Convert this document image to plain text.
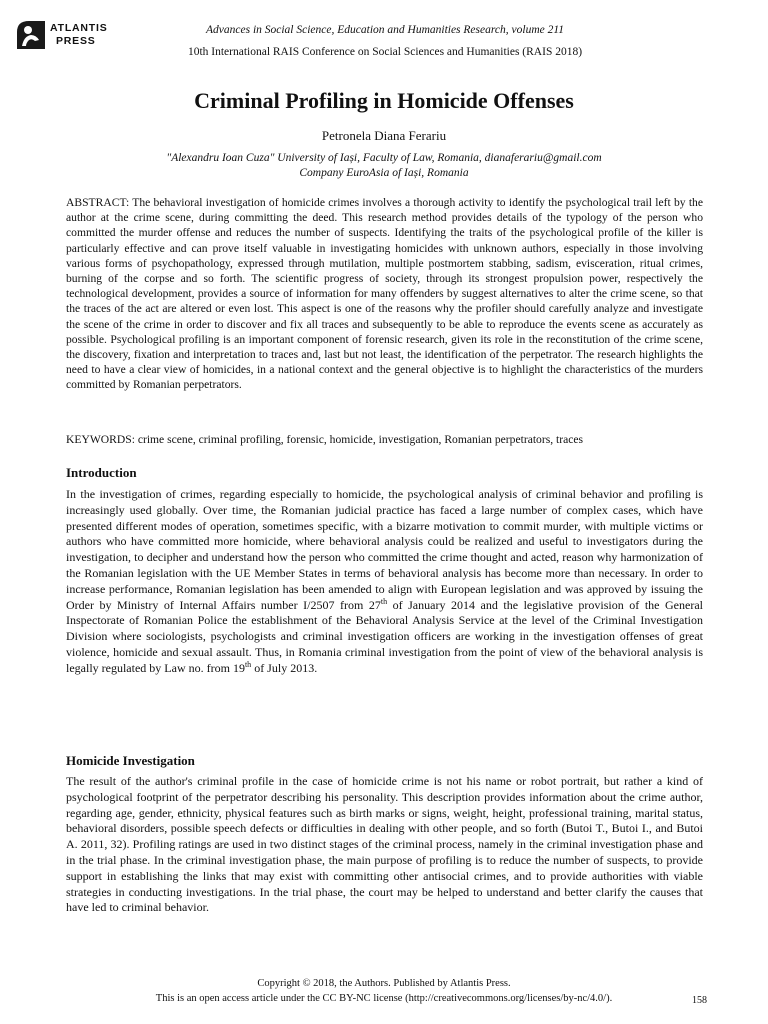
ATLANTIS
PRESS
Advances in Social Science, Education and Humanities Research, volume 211
10th International RAIS Conference on Social Sciences and Humanities (RAIS 2018)
Criminal Profiling in Homicide Offenses
Petronela Diana Ferariu
"Alexandru Ioan Cuza" University of Iași, Faculty of Law, Romania, dianaferariu@gmail.com
Company EuroAsia of Iași, Romania

ABSTRACT: The behavioral investigation of homicide crimes involves a thorough activity to identify the psychological trail left by the author at the crime scene, during committing the deed. This research method provides details of the typology of the person who committed the murder offense and reduces the number of suspects. Identifying the traits of the psychological profile of the killer is particularly effective and can prove itself valuable in investigating homicides with unknown authors, especially in those involving various forms of psychopathology, expressed through mutilation, multiple postmortem stabbing, sadism, evisceration, ritual crimes, burning of the corpse and so forth. The scientific progress of society, through its strongest propulsion power, respectively the technological development, provides a source of information for many offenders by suggest alternatives to alter the crime scene, so that the traces of the act are altered or even lost. This aspect is one of the reasons why the profiler should carefully analyze and investigate the scene of the crime in order to discover and fix all traces and subsequently to be able to reproduce the events scene as accurately as possible. Psychological profiling is an important component of forensic research, given its role in the reconstitution of the crime scene, the discovery, fixation and interpretation to traces and, last but not least, the identification of the perpetrator. The research highlights the need to have a clear view of homicides, in a national context and the general objective is to highlight the characteristics of the murders committed by Romanian perpetrators.

KEYWORDS: crime scene, criminal profiling, forensic, homicide, investigation, Romanian perpetrators, traces
Introduction

In the investigation of crimes, regarding especially to homicide, the psychological analysis of criminal behavior and profiling is increasingly used globally. Over time, the Romanian judicial practice has faced a large number of complex cases, which have presented different modes of operation, sometimes specific, with a bizarre motivation to commit murder, with multiple victims or authors who have committed more homicide, where behavioral analysis could be realized and useful to investigators during the investigation, to decipher and understand how the person who committed the crime thought and acted, reason why harmonization of the Romanian legislation with the UE Member States in terms of behavioral analysis has become more than necessary. In order to increase performance, Romanian legislation has been amended to align with European legislation and was approved by issuing the Order by Ministry of Internal Affairs number I/2507 from 27th of January 2014 and the legislative provision of the General Inspectorate of Romanian Police the establishment of the Behavioral Analysis Service at the level of the Criminal Investigation Division where sociologists, psychologists and criminal investigation officers are working in the investigation offenses of great violence, homicide and sexual assault. Thus, in Romania criminal investigation from the point of view of the behavioral analysis is legally regulated by Law no. from 19th of July 2013.

Homicide Investigation

The result of the author's criminal profile in the case of homicide crime is not his name or robot portrait, but rather a kind of psychological footprint of the perpetrator describing his personality. This description provides information about the crime author, regarding age, gender, ethnicity, physical features such as birth marks or signs, weight, height, professional training, marital status, behavioral disorders, possible speech defects or difficulties in dealing with other people, and so forth (Butoi T., Butoi I., and Butoi A. 2011, 32). Profiling ratings are used in two distinct stages of the criminal process, namely in the criminal investigation phase and in the trial phase. In the criminal investigation phase, the main purpose of profiling is to reduce the number of suspects, to provide support in establishing the links that may exist with committing other antisocial crimes, and to provide authorities with viable strategies in conducting investigations. In the trial phase, the court may be helped to understand and better clarify the causes that have led to criminal behavior.

Copyright © 2018, the Authors. Published by Atlantis Press.
This is an open access article under the CC BY-NC license (http://creativecommons.org/licenses/by-nc/4.0/).	158
